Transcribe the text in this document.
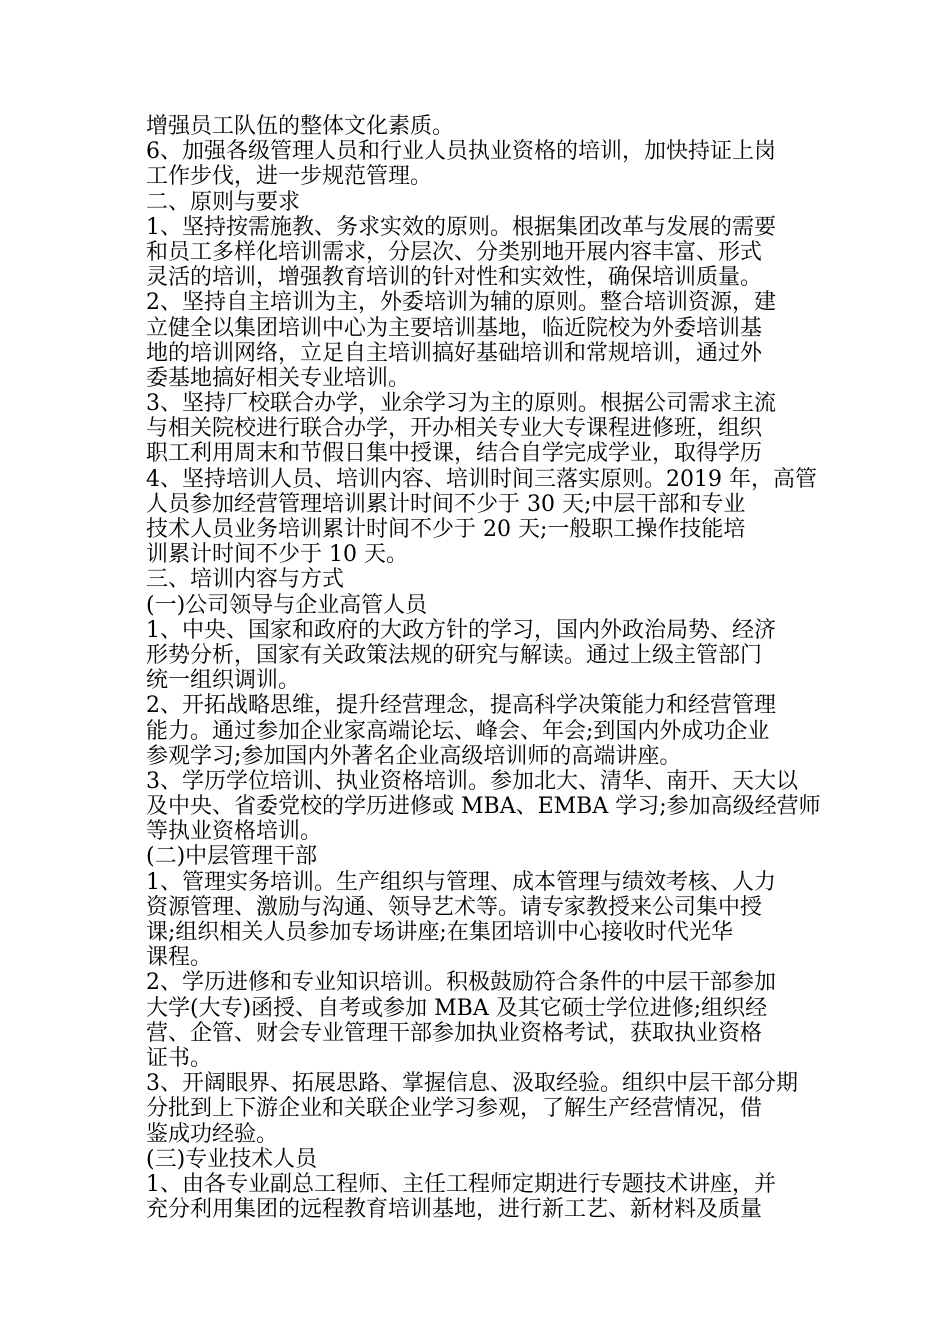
增强员工队伍的整体文化素质。
6、加强各级管理人员和行业人员执业资格的培训，加快持证上岗
工作步伐，进一步规范管理。
二、原则与要求
1、坚持按需施教、务求实效的原则。根据集团改革与发展的需要
和员工多样化培训需求，分层次、分类别地开展内容丰富、形式
灵活的培训，增强教育培训的针对性和实效性，确保培训质量。
2、坚持自主培训为主，外委培训为辅的原则。整合培训资源，建
立健全以集团培训中心为主要培训基地，临近院校为外委培训基
地的培训网络，立足自主培训搞好基础培训和常规培训，通过外
委基地搞好相关专业培训。
3、坚持厂校联合办学，业余学习为主的原则。根据公司需求主流
与相关院校进行联合办学，开办相关专业大专课程进修班，组织
职工利用周末和节假日集中授课，结合自学完成学业，取得学历
4、坚持培训人员、培训内容、培训时间三落实原则。2019 年，高管
人员参加经营管理培训累计时间不少于 30 天;中层干部和专业
技术人员业务培训累计时间不少于 20 天;一般职工操作技能培
训累计时间不少于 10 天。
三、培训内容与方式
(一)公司领导与企业高管人员
1、中央、国家和政府的大政方针的学习，国内外政治局势、经济
形势分析，国家有关政策法规的研究与解读。通过上级主管部门
统一组织调训。
2、开拓战略思维，提升经营理念，提高科学决策能力和经营管理
能力。通过参加企业家高端论坛、峰会、年会;到国内外成功企业
参观学习;参加国内外著名企业高级培训师的高端讲座。
3、学历学位培训、执业资格培训。参加北大、清华、南开、天大以
及中央、省委党校的学历进修或 MBA、EMBA 学习;参加高级经营师
等执业资格培训。
(二)中层管理干部
1、管理实务培训。生产组织与管理、成本管理与绩效考核、人力
资源管理、激励与沟通、领导艺术等。请专家教授来公司集中授
课;组织相关人员参加专场讲座;在集团培训中心接收时代光华
课程。
2、学历进修和专业知识培训。积极鼓励符合条件的中层干部参加
大学(大专)函授、自考或参加 MBA 及其它硕士学位进修;组织经
营、企管、财会专业管理干部参加执业资格考试，获取执业资格
证书。
3、开阔眼界、拓展思路、掌握信息、汲取经验。组织中层干部分期
分批到上下游企业和关联企业学习参观，了解生产经营情况，借
鉴成功经验。
(三)专业技术人员
1、由各专业副总工程师、主任工程师定期进行专题技术讲座，并
充分利用集团的远程教育培训基地，进行新工艺、新材料及质量
